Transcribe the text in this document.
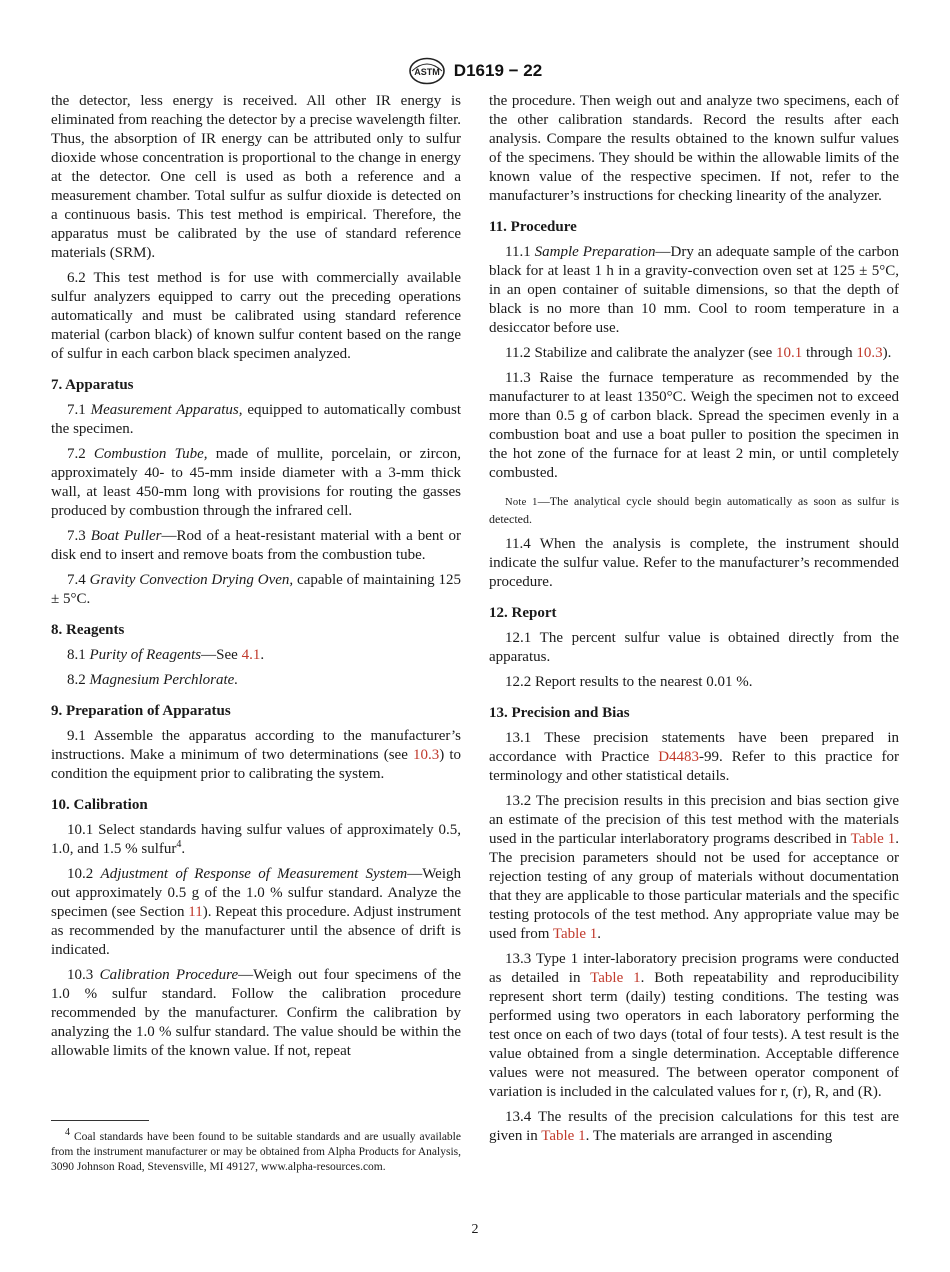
ASTM D1619 − 22

the detector, less energy is received. All other IR energy is eliminated from reaching the detector by a precise wavelength filter. Thus, the absorption of IR energy can be attributed only to sulfur dioxide whose concentration is proportional to the change in energy at the detector. One cell is used as both a reference and a measurement chamber. Total sulfur as sulfur dioxide is detected on a continuous basis. This test method is empirical. Therefore, the apparatus must be calibrated by the use of standard reference materials (SRM).

6.2 This test method is for use with commercially available sulfur analyzers equipped to carry out the preceding operations automatically and must be calibrated using standard reference material (carbon black) of known sulfur content based on the range of sulfur in each carbon black specimen analyzed.

7. Apparatus

7.1 Measurement Apparatus, equipped to automatically combust the specimen.

7.2 Combustion Tube, made of mullite, porcelain, or zircon, approximately 40- to 45-mm inside diameter with a 3-mm thick wall, at least 450-mm long with provisions for routing the gasses produced by combustion through the infrared cell.

7.3 Boat Puller—Rod of a heat-resistant material with a bent or disk end to insert and remove boats from the combustion tube.

7.4 Gravity Convection Drying Oven, capable of maintaining 125 ± 5°C.

8. Reagents

8.1 Purity of Reagents—See 4.1.

8.2 Magnesium Perchlorate.

9. Preparation of Apparatus

9.1 Assemble the apparatus according to the manufacturer’s instructions. Make a minimum of two determinations (see 10.3) to condition the equipment prior to calibrating the system.

10. Calibration

10.1 Select standards having sulfur values of approximately 0.5, 1.0, and 1.5 % sulfur$^4$.

10.2 Adjustment of Response of Measurement System—Weigh out approximately 0.5 g of the 1.0 % sulfur standard. Analyze the specimen (see Section 11). Repeat this procedure. Adjust instrument as recommended by the manufacturer until the absence of drift is indicated.

10.3 Calibration Procedure—Weigh out four specimens of the 1.0 % sulfur standard. Follow the calibration procedure recommended by the manufacturer. Confirm the calibration by analyzing the 1.0 % sulfur standard. The value should be within the allowable limits of the known value. If not, repeat

$^4$ Coal standards have been found to be suitable standards and are usually available from the instrument manufacturer or may be obtained from Alpha Products for Analysis, 3090 Johnson Road, Stevensville, MI 49127, www.alpha-resources.com.

the procedure. Then weigh out and analyze two specimens, each of the other calibration standards. Record the results after each analysis. Compare the results obtained to the known sulfur values of the specimens. They should be within the allowable limits of the known value of the respective specimen. If not, refer to the manufacturer’s instructions for checking linearity of the analyzer.

11. Procedure

11.1 Sample Preparation—Dry an adequate sample of the carbon black for at least 1 h in a gravity-convection oven set at 125 ± 5°C, in an open container of suitable dimensions, so that the depth of black is no more than 10 mm. Cool to room temperature in a desiccator before use.

11.2 Stabilize and calibrate the analyzer (see 10.1 through 10.3).

11.3 Raise the furnace temperature as recommended by the manufacturer to at least 1350°C. Weigh the specimen not to exceed more than 0.5 g of carbon black. Spread the specimen evenly in a combustion boat and use a boat puller to position the specimen in the hot zone of the furnace for at least 2 min, or until completely combusted.

Note 1—The analytical cycle should begin automatically as soon as sulfur is detected.

11.4 When the analysis is complete, the instrument should indicate the sulfur value. Refer to the manufacturer’s recommended procedure.

12. Report

12.1 The percent sulfur value is obtained directly from the apparatus.

12.2 Report results to the nearest 0.01 %.

13. Precision and Bias

13.1 These precision statements have been prepared in accordance with Practice D4483-99. Refer to this practice for terminology and other statistical details.

13.2 The precision results in this precision and bias section give an estimate of the precision of this test method with the materials used in the particular interlaboratory programs described in Table 1. The precision parameters should not be used for acceptance or rejection testing of any group of materials without documentation that they are applicable to those particular materials and the specific testing protocols of the test method. Any appropriate value may be used from Table 1.

13.3 Type 1 inter-laboratory precision programs were conducted as detailed in Table 1. Both repeatability and reproducibility represent short term (daily) testing conditions. The testing was performed using two operators in each laboratory performing the test once on each of two days (total of four tests). A test result is the value obtained from a single determination. Acceptable difference values were not measured. The between operator component of variation is included in the calculated values for r, (r), R, and (R).

13.4 The results of the precision calculations for this test are given in Table 1. The materials are arranged in ascending

2
